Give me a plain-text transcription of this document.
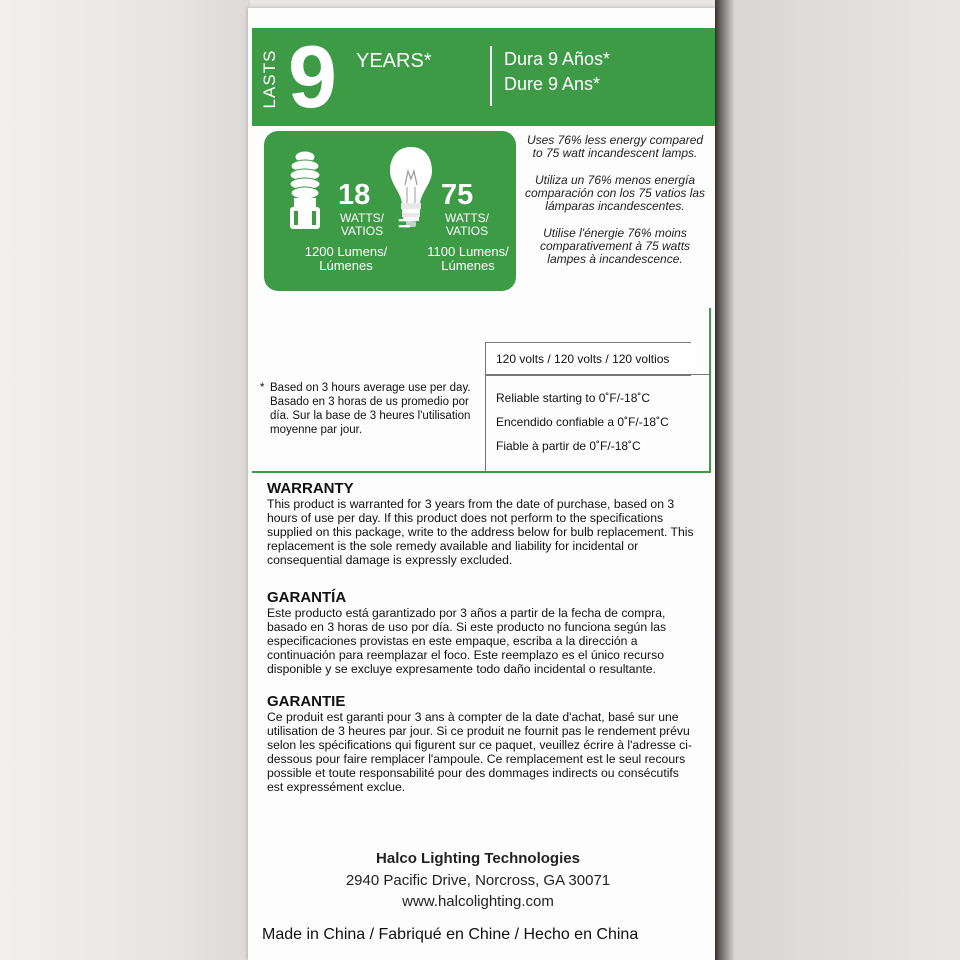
LASTS 9 YEARS*	Dura 9 Años*
Dure 9 Ans*
18
WATTS/
VATIOS =
75
WATTS/
VATIOS
1200 Lumens/
Lúmenes
1100 Lumens/
Lúmenes

Uses 76% less energy compared to 75 watt incandescent lamps.

Utiliza un 76% menos energía comparación con los 75 vatios las lámparas incandescentes.

Utilise l'énergie 76% moins comparativement à 75 watts lampes à incandescence.

* Based on 3 hours average use per day. Basado en 3 horas de us promedio por día. Sur la base de 3 heures l'utilisation moyenne par jour.
120 volts / 120 volts / 120 voltios
Reliable starting to 0˚F/-18˚C
Encendido confiable a 0˚F/-18˚C
Fiable à partir de 0˚F/-18˚C
WARRANTY

This product is warranted for 3 years from the date of purchase, based on 3 hours of use per day. If this product does not perform to the specifications supplied on this package, write to the address below for bulb replacement. This replacement is the sole remedy available and liability for incidental or consequential damage is expressly excluded.

GARANTÍA

Este producto está garantizado por 3 años a partir de la fecha de compra, basado en 3 horas de uso por día. Si este producto no funciona según las especificaciones provistas en este empaque, escriba a la dirección a continuación para reemplazar el foco. Este reemplazo es el único recurso disponible y se excluye expresamente todo daño incidental o resultante.

GARANTIE

Ce produit est garanti pour 3 ans à compter de la date d'achat, basé sur une utilisation de 3 heures par jour. Si ce produit ne fournit pas le rendement prévu selon les spécifications qui figurent sur ce paquet, veuillez écrire à l'adresse ci-dessous pour faire remplacer l'ampoule. Ce remplacement est le seul recours possible et toute responsabilité pour des dommages indirects ou consécutifs est expressément exclue.

Halco Lighting Technologies
2940 Pacific Drive, Norcross, GA 30071
www.halcolighting.com
Made in China / Fabriqué en Chine / Hecho en China
